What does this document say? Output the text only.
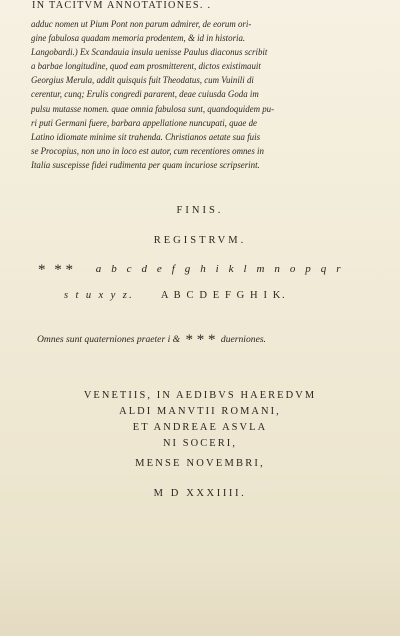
IN TACITVM ANNOTATIONES. .
adduc nomen ut Pium Pont non parum admirer, de eorum ori-
gine fabulosa quadam memoria prodentem, & id in historia.
Langobardi.) Ex Scandauia insula uenisse Paulus diaconus scribit
a barbae longitudine, quod eam prosmitterent, dictos existimauit
Georgius Merula, addit quisquis fuit Theodatus, cum Vuinili di
cerentur, cunq; Erulis congredi pararent, deae cuiusda Goda im
pulsu mutasse nomen. quae omnia fabulosa sunt, quandoquidem pu-
ri puti Germani fuere, barbara appellatione nuncupati, quae de
Latino idiomate minime sit trahenda. Christianos aetate sua fuis
se Procopius, non uno in loco est autor, cum recentiores omnes in
Italia suscepisse fidei rudimenta per quam incuriose scripserint.
FINIS.
REGISTRVM.
* * * a b c d e f g h i k l m n o p q r
s t u x y z.	A B C D E F G H I K.
Omnes sunt quaterniones praeter i & * * * duerniones.
VENETIIS, IN AEDIBVS HAEREDVM
ALDI MANVTII ROMANI,
ET ANDREAE ASVLA
NI SOCERI,
MENSE NOVEMBRI,
M D XXXIIII.
